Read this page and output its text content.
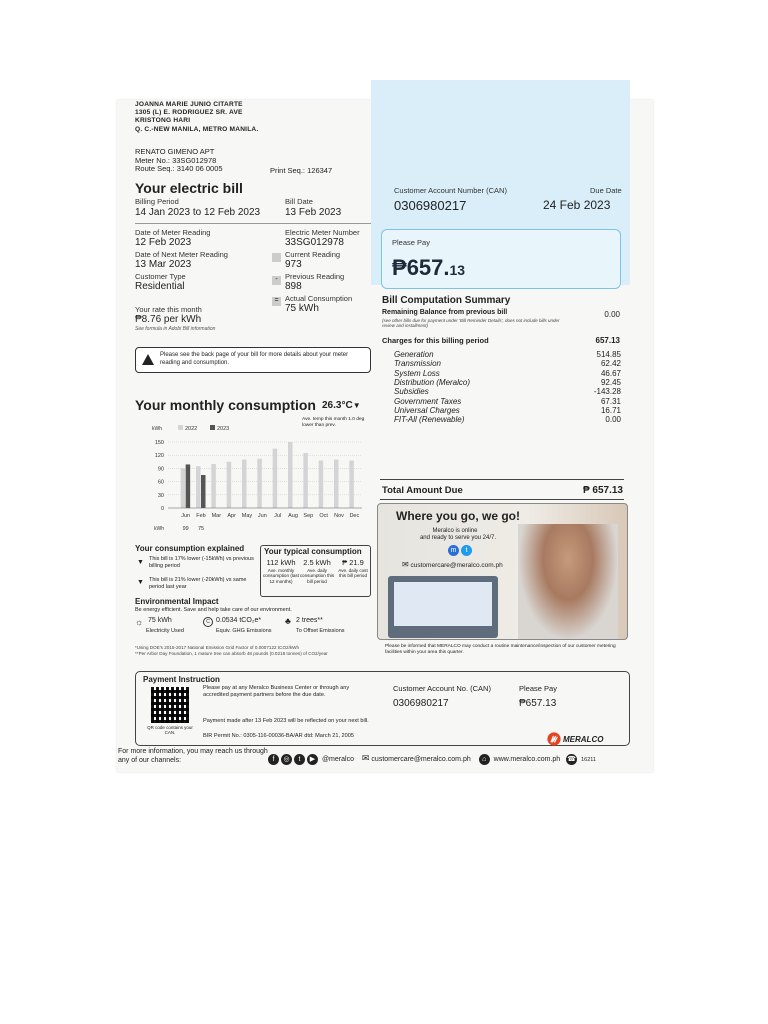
JOANNA MARIE JUNIO CITARTE
1305 (L) E. RODRIGUEZ SR. AVE
KRISTONG HARI
Q. C.-NEW MANILA, METRO MANILA.
RENATO GIMENO APT
Meter No.: 33SG012978
Route Seq.: 3140 06 0005	Print Seq.: 126347
Your electric bill
Billing Period
14 Jan 2023 to 12 Feb 2023
Bill Date
13 Feb 2023
Date of Meter Reading
12 Feb 2023
Date of Next Meter Reading
13 Mar 2023
Customer Type
Residential
Electric Meter Number
33SG012978
Current Reading
973
- Previous Reading
898
= Actual Consumption
75 kWh
Your rate this month
₱8.76 per kWh
See formula in Adobi Bill information
Please see the back page of your bill for more details about your meter reading and consumption.
Customer Account Number (CAN)
0306980217
Due Date
24 Feb 2023
Please Pay
₱657.13
Bill Computation Summary
Remaining Balance from previous bill
(see other bills due for payment under 'Bill Reminder Details', does not include bills under review and installment)
0.00
Charges for this billing period	657.13
Generation	514.85
Transmission	62.42
System Loss	46.67
Distribution (Meralco)	92.45
Subsidies	-143.28
Government Taxes	67.31
Universal Charges	16.71
FIT-All (Renewable)	0.00
Total Amount Due	₱ 657.13
Your monthly consumption 26.3°C▼
Ave. temp this month 1.0 deg lower than prev.
kWh	2022	2023
150
120
90
60
30
0
Jun Feb Mar Apr May Jun Jul Aug Sep Oct Nov Dec
kWh	99 75
Your consumption explained
▼ This bill is 17% lower (-15kWh) vs previous billing period
▼ This bill is 21% lower (-20kWh) vs same period last year
Your typical consumption
112 kWh	2.5 kWh	₱ 21.9
Ave. monthly consumption (last 12 months)
Ave. daily consumption this bill period
Ave. daily cost this bill period
Environmental Impact
Be energy efficient. Save and help take care of our environment.
☼ 75 kWh
Electricity Used
C 0.0534 tCO₂e*
Equiv. GHG Emissions
♣ 2 trees**
To Offset Emissions
*Using DOE's 2015-2017 National Emission Grid Factor of 0.0007122 tCO2/kWh
**Per Arbor Day Foundation, 1 mature tree can absorb 48 pounds (0.0218 tonnes) of CO2/year
Where you go, we go!
Meralco is online
and ready to serve you 24/7.
m t
✉ customercare@meralco.com.ph
Please be informed that MERALCO may conduct a routine maintenance/inspection of our customer metering facilities within your area this quarter.
Payment Instruction
QR code contains your CAN.
Please pay at any Meralco Business Center or through any accredited payment partners before the due date.
Payment made after 13 Feb 2023 will be reflected on your next bill.
BIR Permit No.: 0305-116-00036-BA/AR dtd: March 21, 2005
Customer Account No. (CAN)
0306980217
Please Pay
₱657.13
MERALCO
For more information, you may reach us through any of our channels:	f ◎ t ▶ @meralco ✉ customercare@meralco.com.ph ⌂ www.meralco.com.ph ☎ 16211
